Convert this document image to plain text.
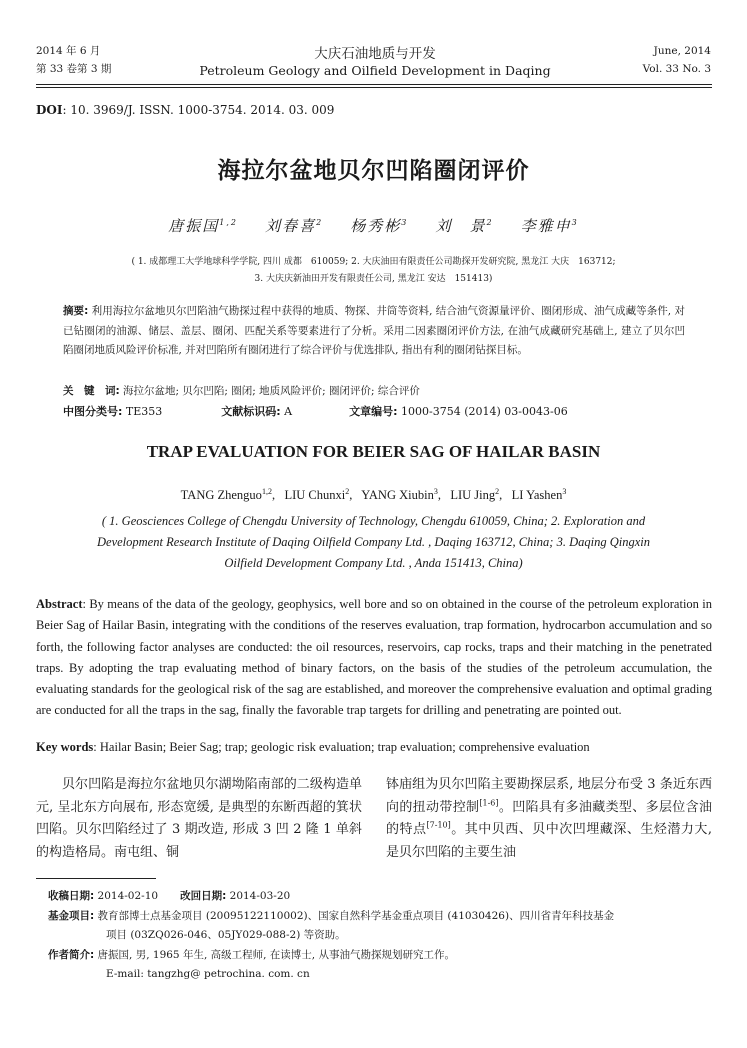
2014 年 6 月
第 33 卷第 3 期
大庆石油地质与开发
Petroleum Geology and Oilfield Development in Daqing
June, 2014
Vol. 33 No. 3
DOI: 10. 3969/J. ISSN. 1000-3754. 2014. 03. 009
海拉尔盆地贝尔凹陷圈闭评价
唐振国$^{1,2}$ 刘春喜$^2$ 杨秀彬$^3$ 刘　景$^2$ 李雅申$^3$
( 1. 成都理工大学地球科学学院, 四川 成都　610059; 2. 大庆油田有限责任公司勘探开发研究院, 黑龙江 大庆　163712;
3. 大庆庆新油田开发有限责任公司, 黑龙江 安达　151413)
摘要: 利用海拉尔盆地贝尔凹陷油气勘探过程中获得的地质、物探、井筒等资料, 结合油气资源量评价、圈闭形成、油气成藏等条件, 对已钻圈闭的油源、储层、盖层、圈闭、匹配关系等要素进行了分析。采用二因素圈闭评价方法, 在油气成藏研究基础上, 建立了贝尔凹陷圈闭地质风险评价标准, 并对凹陷所有圈闭进行了综合评价与优选排队, 指出有利的圈闭钻探目标。
关　键　词: 海拉尔盆地; 贝尔凹陷; 圈闭; 地质风险评价; 圈闭评价; 综合评价
中图分类号: TE353	文献标识码: A	文章编号: 1000-3754 (2014) 03-0043-06
TRAP EVALUATION FOR BEIER SAG OF HAILAR BASIN
TANG Zhenguo$^{1,2}$,   LIU Chunxi$^2$,   YANG Xiubin$^3$,   LIU Jing$^2$,   LI Yashen$^3$
( 1. Geosciences College of Chengdu University of Technology, Chengdu 610059, China; 2. Exploration and
Development Research Institute of Daqing Oilfield Company Ltd. , Daqing 163712, China; 3. Daqing Qingxin
Oilfield Development Company Ltd. , Anda 151413, China)
Abstract: By means of the data of the geology, geophysics, well bore and so on obtained in the course of the petroleum exploration in Beier Sag of Hailar Basin, integrating with the conditions of the reserves evaluation, trap formation, hydrocarbon accumulation and so forth, the following factor analyses are conducted: the oil resources, reservoirs, cap rocks, traps and their matching in the penetrated traps. By adopting the trap evaluating method of binary factors, on the basis of the studies of the petroleum accumulation, the evaluating standards for the geological risk of the sag are established, and moreover the comprehensive evaluation and optimal grading are conducted for all the traps in the sag, finally the favorable trap targets for drilling and penetrating are pointed out.
Key words: Hailar Basin; Beier Sag; trap; geologic risk evaluation; trap evaluation; comprehensive evaluation
贝尔凹陷是海拉尔盆地贝尔湖坳陷南部的二级构造单元, 呈北东方向展布, 形态宽缓, 是典型的东断西超的箕状凹陷。贝尔凹陷经过了 3 期改造, 形成 3 凹 2 隆 1 单斜的构造格局。南屯组、铜
钵庙组为贝尔凹陷主要勘探层系, 地层分布受 3 条近东西向的扭动带控制[1-6]。凹陷具有多油藏类型、多层位含油的特点[7-10]。其中贝西、贝中次凹埋藏深、生烃潜力大, 是贝尔凹陷的主要生油
收稿日期: 2014-02-10 改回日期: 2014-03-20
基金项目: 教育部博士点基金项目 (20095122110002)、国家自然科学基金重点项目 (41030426)、四川省青年科技基金
项目 (03ZQ026-046、05JY029-088-2) 等资助。
作者简介: 唐振国, 男, 1965 年生, 高级工程师, 在读博士, 从事油气勘探规划研究工作。
E-mail: tangzhg@ petrochina. com. cn
